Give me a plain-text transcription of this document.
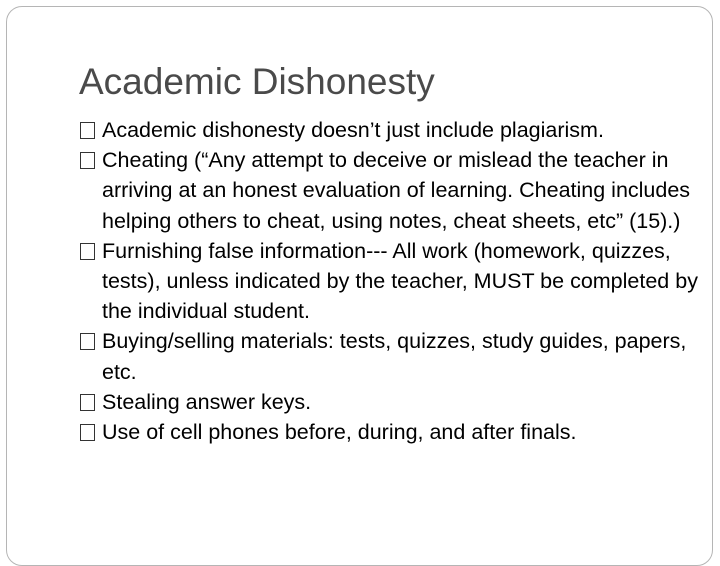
Academic Dishonesty
Academic dishonesty doesn’t just include plagiarism.
Cheating (“Any attempt to deceive or mislead the teacher in arriving at an honest evaluation of learning. Cheating includes helping others to cheat, using notes, cheat sheets, etc” (15).)
Furnishing false information--- All work (homework, quizzes, tests), unless indicated by the teacher, MUST be completed by the individual student.
Buying/selling materials: tests, quizzes, study guides, papers, etc.
Stealing answer keys.
Use of cell phones before, during, and after finals.
